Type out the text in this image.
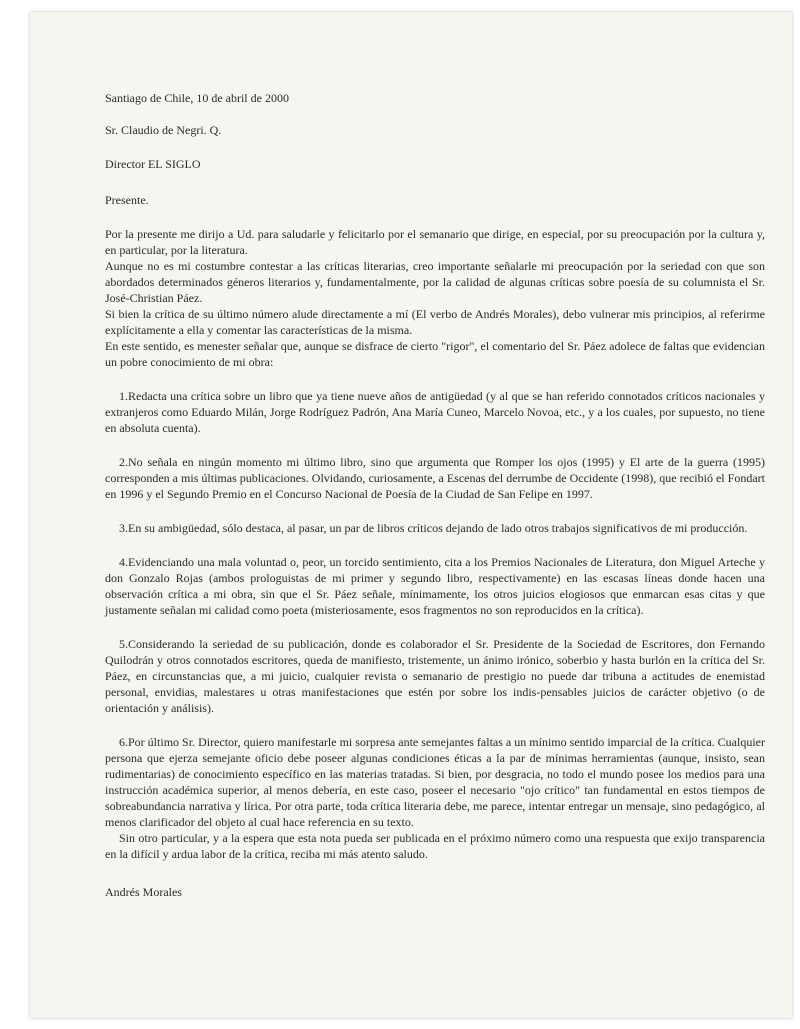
Santiago de Chile, 10 de abril de 2000

Sr. Claudio de Negri. Q.

Director EL SIGLO

Presente.

Por la presente me dirijo a Ud. para saludarle y felicitarlo por el semanario que dirige, en especial, por su preocupación por la cultura y, en particular, por la literatura.

Aunque no es mi costumbre contestar a las críticas literarias, creo importante señalarle mi preocupación por la seriedad con que son abordados determinados géneros literarios y, fundamentalmente, por la calidad de algunas críticas sobre poesía de su columnista el Sr. José-Christian Páez.

Si bien la crítica de su último número alude directamente a mí (El verbo de Andrés Morales), debo vulnerar mis principios, al referirme explícitamente a ella y comentar las características de la misma.

En este sentido, es menester señalar que, aunque se disfrace de cierto "rigor", el comentario del Sr. Páez adolece de faltas que evidencian un pobre conocimiento de mi obra:

1.Redacta una crítica sobre un libro que ya tiene nueve años de antigüedad (y al que se han referido connotados críticos nacionales y extranjeros como Eduardo Milán, Jorge Rodríguez Padrón, Ana María Cuneo, Marcelo Novoa, etc., y a los cuales, por supuesto, no tiene en absoluta cuenta).

2.No señala en ningún momento mi último libro, sino que argumenta que Romper los ojos (1995) y El arte de la guerra (1995) corresponden a mis últimas publicaciones. Olvidando, curiosamente, a Escenas del derrumbe de Occidente (1998), que recibió el Fondart en 1996 y el Segundo Premio en el Concurso Nacional de Poesía de la Ciudad de San Felipe en 1997.

3.En su ambigüedad, sólo destaca, al pasar, un par de libros críticos dejando de lado otros trabajos significativos de mi producción.

4.Evidenciando una mala voluntad o, peor, un torcido sentimiento, cita a los Premios Nacionales de Literatura, don Miguel Arteche y don Gonzalo Rojas (ambos prologuistas de mi primer y segundo libro, respectivamente) en las escasas líneas donde hacen una observación crítica a mi obra, sin que el Sr. Páez señale, mínimamente, los otros juicios elogiosos que enmarcan esas citas y que justamente señalan mi calidad como poeta (misteriosamente, esos fragmentos no son reproducidos en la crítica).

5.Considerando la seriedad de su publicación, donde es colaborador el Sr. Presidente de la Sociedad de Escritores, don Fernando Quilodrán y otros connotados escritores, queda de manifiesto, tristemente, un ánimo irónico, soberbio y hasta burlón en la crítica del Sr. Páez, en circunstancias que, a mi juicio, cualquier revista o semanario de prestigio no puede dar tribuna a actitudes de enemistad personal, envidias, malestares u otras manifestaciones que estén por sobre los indis-pensables juicios de carácter objetivo (o de orientación y análisis).

6.Por último Sr. Director, quiero manifestarle mi sorpresa ante semejantes faltas a un mínimo sentido imparcial de la crítica. Cualquier persona que ejerza semejante oficio debe poseer algunas condiciones éticas a la par de mínimas herramientas (aunque, insisto, sean rudimentarias) de conocimiento específico en las materias tratadas. Si bien, por desgracia, no todo el mundo posee los medios para una instrucción académica superior, al menos debería, en este caso, poseer el necesario "ojo crítico" tan fundamental en estos tiempos de sobreabundancia narrativa y lírica. Por otra parte, toda crítica literaria debe, me parece, intentar entregar un mensaje, sino pedagógico, al menos clarificador del objeto al cual hace referencia en su texto.

Sin otro particular, y a la espera que esta nota pueda ser publicada en el próximo número como una respuesta que exijo transparencia en la difícil y ardua labor de la crítica, reciba mi más atento saludo.

Andrés Morales
